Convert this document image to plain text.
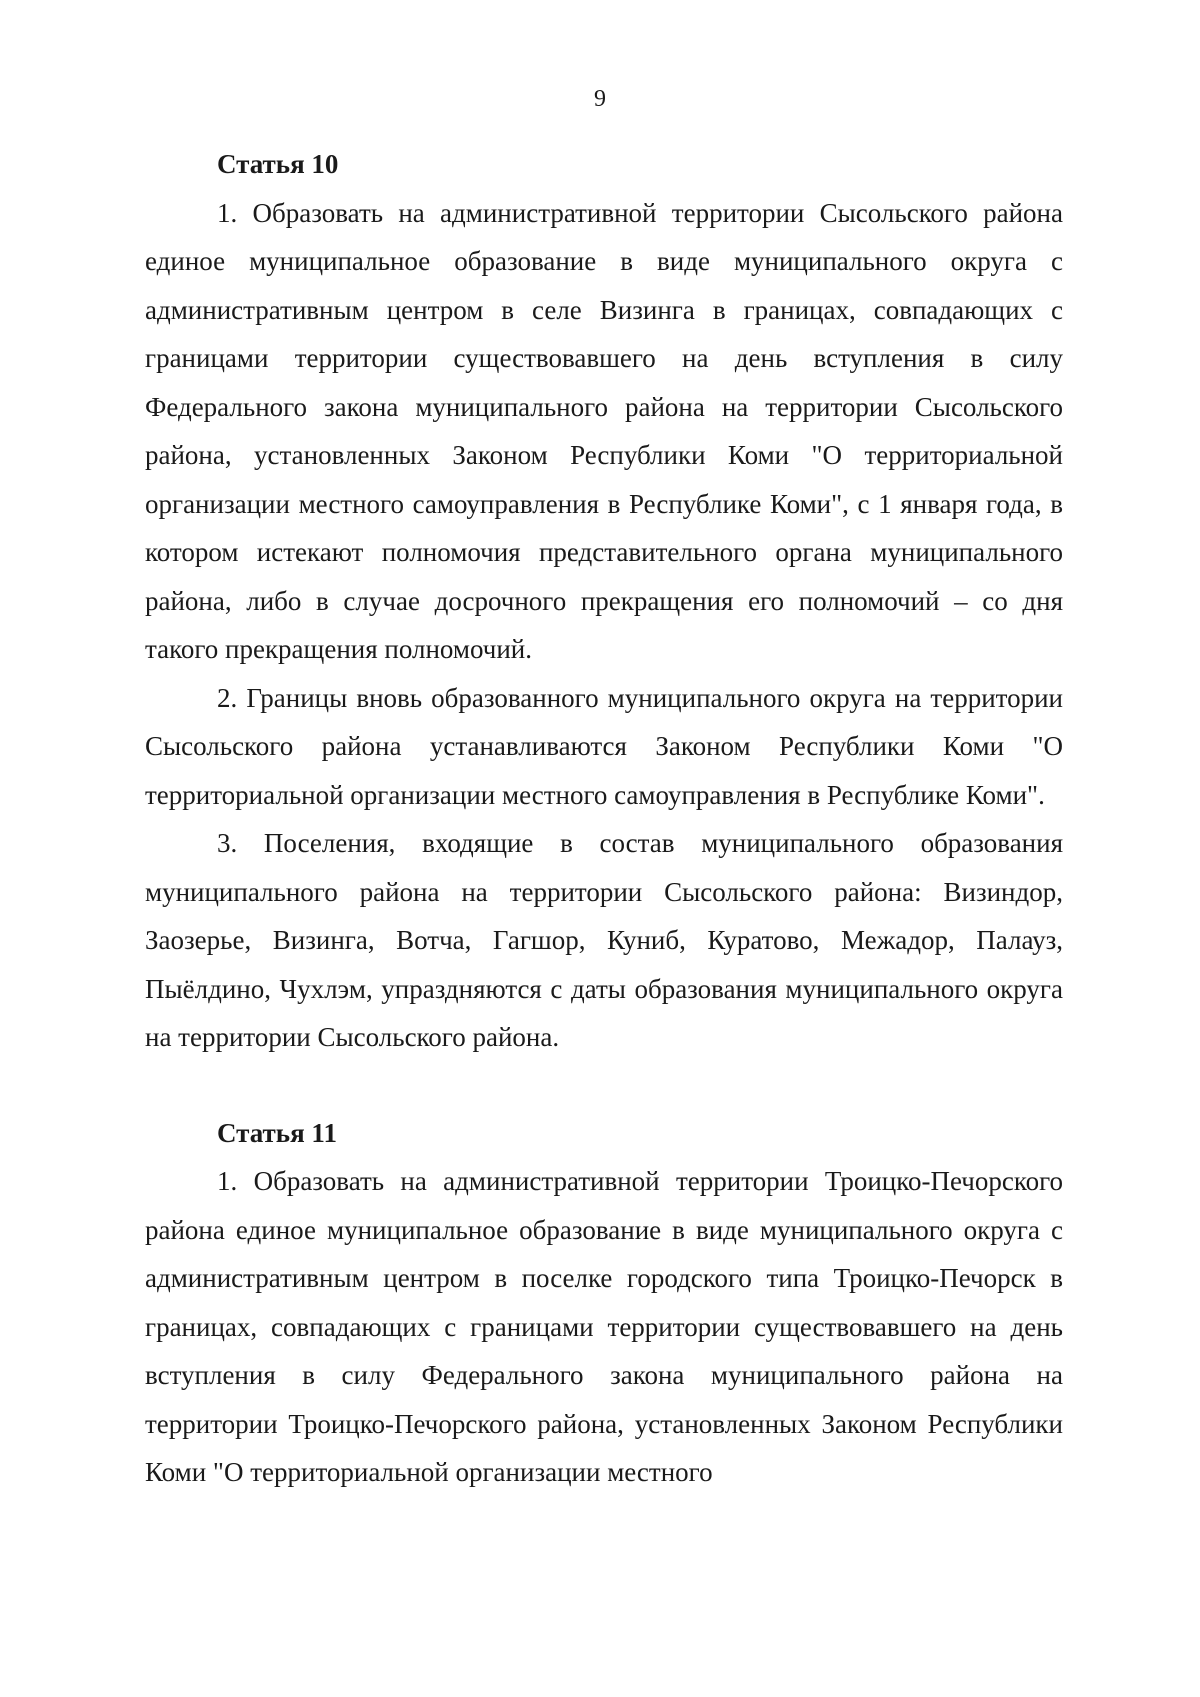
9
Статья 10

1. Образовать на административной территории Сысольского района единое муниципальное образование в виде муниципального округа с административным центром в селе Визинга в границах, совпадающих с границами территории существовавшего на день вступления в силу Федерального закона муниципального района на территории Сысольского района, установленных Законом Республики Коми "О территориальной организации местного самоуправления в Республике Коми", с 1 января года, в котором истекают полномочия представительного органа муниципального района, либо в случае досрочного прекращения его полномочий – со дня такого прекращения полномочий.

2. Границы вновь образованного муниципального округа на территории Сысольского района устанавливаются Законом Республики Коми "О территориальной организации местного самоуправления в Республике Коми".

3. Поселения, входящие в состав муниципального образования муниципального района на территории Сысольского района: Визиндор, Заозерье, Визинга, Вотча, Гагшор, Куниб, Куратово, Межадор, Палауз, Пыёлдино, Чухлэм, упраздняются с даты образования муниципального округа на территории Сысольского района.

Статья 11

1. Образовать на административной территории Троицко-Печорского района единое муниципальное образование в виде муниципального округа с административным центром в поселке городского типа Троицко-Печорск в границах, совпадающих с границами территории существовавшего на день вступления в силу Федерального закона муниципального района на территории Троицко-Печорского района, установленных Законом Республики Коми "О территориальной организации местного
